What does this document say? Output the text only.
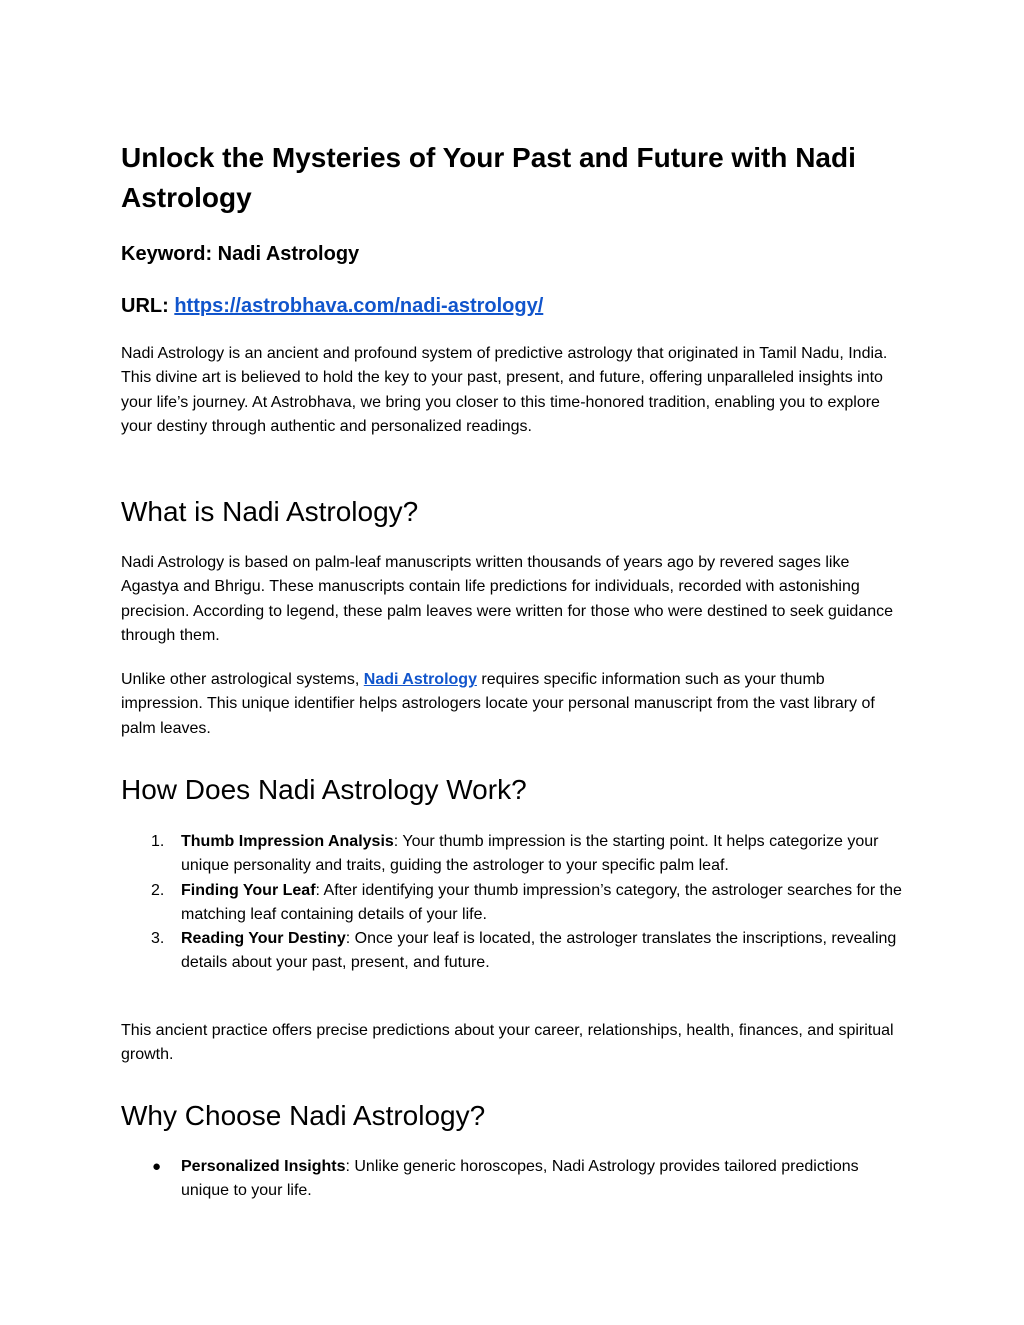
Unlock the Mysteries of Your Past and Future with Nadi Astrology

Keyword: Nadi Astrology

URL: https://astrobhava.com/nadi-astrology/

Nadi Astrology is an ancient and profound system of predictive astrology that originated in Tamil Nadu, India. This divine art is believed to hold the key to your past, present, and future, offering unparalleled insights into your life’s journey. At Astrobhava, we bring you closer to this time-honored tradition, enabling you to explore your destiny through authentic and personalized readings.

What is Nadi Astrology?

Nadi Astrology is based on palm-leaf manuscripts written thousands of years ago by revered sages like Agastya and Bhrigu. These manuscripts contain life predictions for individuals, recorded with astonishing precision. According to legend, these palm leaves were written for those who were destined to seek guidance through them.

Unlike other astrological systems, Nadi Astrology requires specific information such as your thumb impression. This unique identifier helps astrologers locate your personal manuscript from the vast library of palm leaves.

How Does Nadi Astrology Work?
1. Thumb Impression Analysis: Your thumb impression is the starting point. It helps categorize your unique personality and traits, guiding the astrologer to your specific palm leaf.
2. Finding Your Leaf: After identifying your thumb impression’s category, the astrologer searches for the matching leaf containing details of your life.
3. Reading Your Destiny: Once your leaf is located, the astrologer translates the inscriptions, revealing details about your past, present, and future.

This ancient practice offers precise predictions about your career, relationships, health, finances, and spiritual growth.

Why Choose Nadi Astrology?
● Personalized Insights: Unlike generic horoscopes, Nadi Astrology provides tailored predictions unique to your life.
